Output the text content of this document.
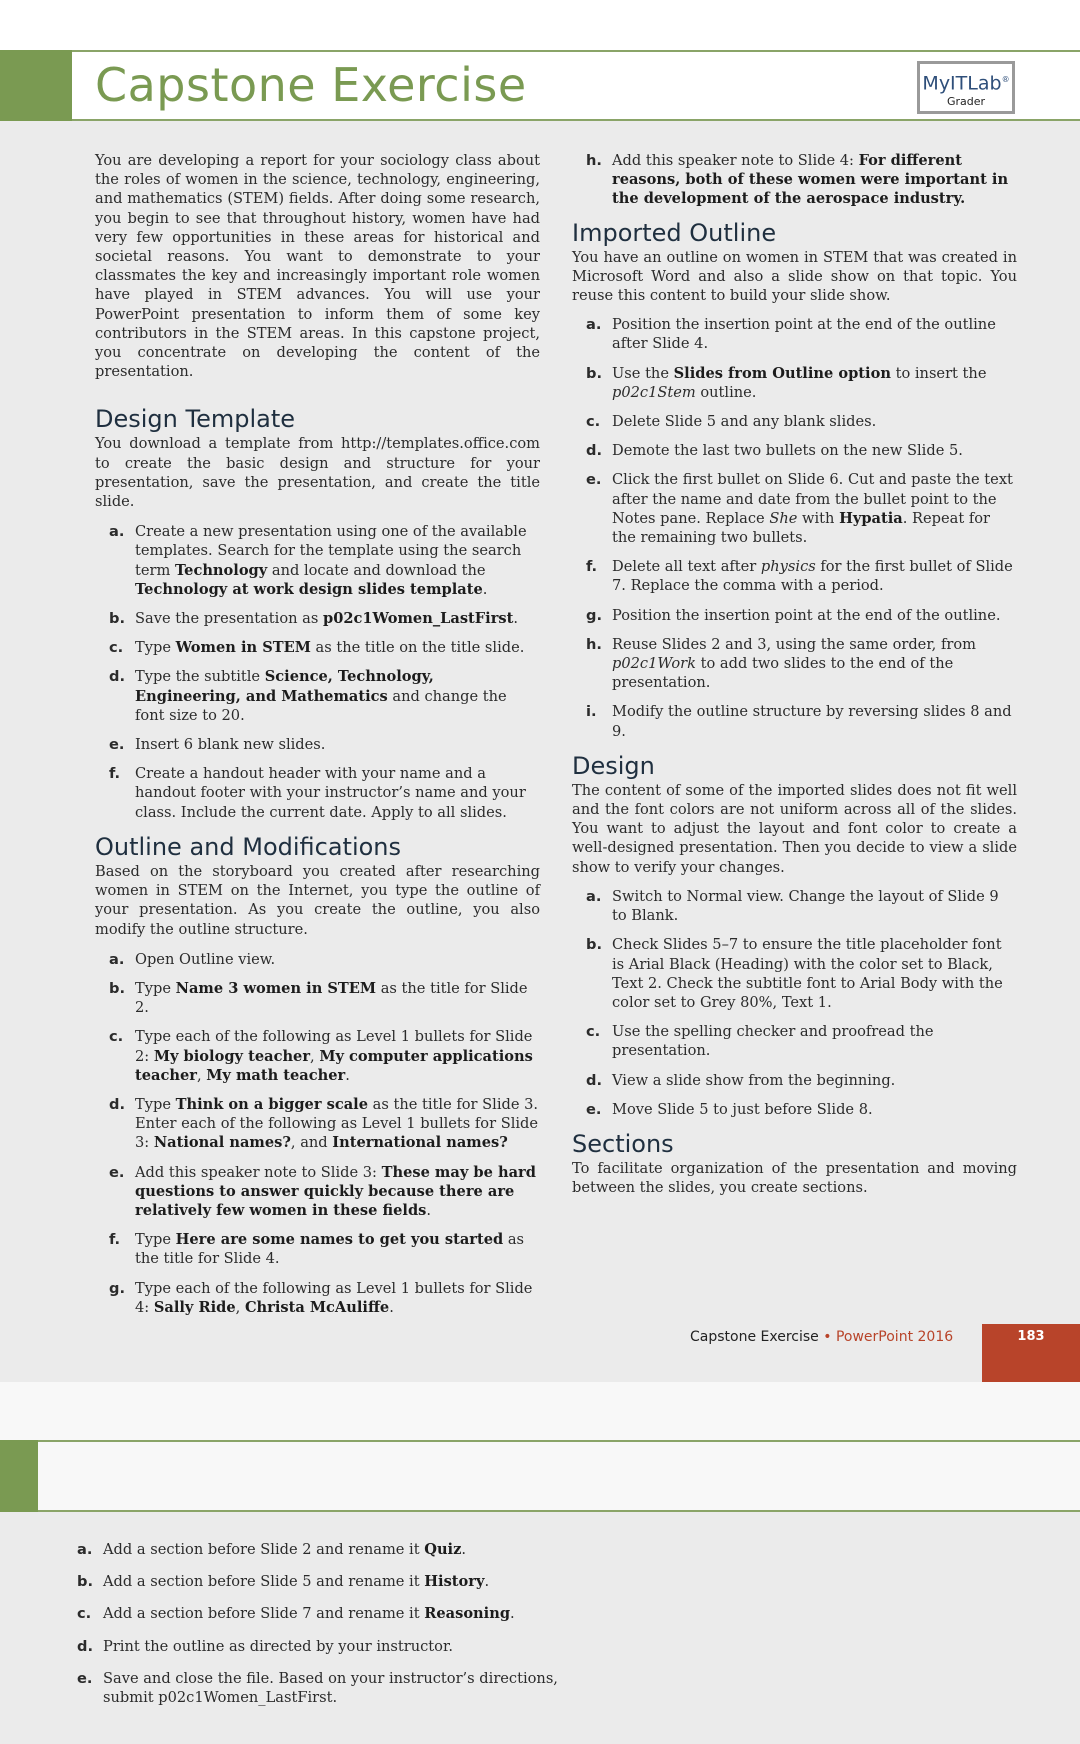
Capstone Exercise	MyITLab®
Grader

You are developing a report for your sociology class about the roles of women in the science, technology, engineering, and mathematics (STEM) fields. After doing some research, you begin to see that throughout history, women have had very few opportunities in these areas for historical and societal reasons. You want to demonstrate to your classmates the key and increasingly important role women have played in STEM advances. You will use your PowerPoint presentation to inform them of some key contributors in the STEM areas. In this capstone project, you concentrate on developing the content of the presentation.

Design Template

You download a template from http://templates.office.com to create the basic design and structure for your presentation, save the presentation, and create the title slide.

a. Create a new presentation using one of the available templates. Search for the template using the search term Technology and locate and download the Technology at work design slides template.
b. Save the presentation as p02c1Women_LastFirst.
c. Type Women in STEM as the title on the title slide.
d. Type the subtitle Science, Technology, Engineering, and Mathematics and change the font size to 20.
e. Insert 6 blank new slides.
f. Create a handout header with your name and a handout footer with your instructor’s name and your class. Include the current date. Apply to all slides.
Outline and Modifications

Based on the storyboard you created after researching women in STEM on the Internet, you type the outline of your presentation. As you create the outline, you also modify the outline structure.

a. Open Outline view.
b. Type Name 3 women in STEM as the title for Slide 2.
c. Type each of the following as Level 1 bullets for Slide 2: My biology teacher, My computer applications teacher, My math teacher.
d. Type Think on a bigger scale as the title for Slide 3. Enter each of the following as Level 1 bullets for Slide 3: National names?, and International names?
e. Add this speaker note to Slide 3: These may be hard questions to answer quickly because there are relatively few women in these fields.
f. Type Here are some names to get you started as the title for Slide 4.
g. Type each of the following as Level 1 bullets for Slide 4: Sally Ride, Christa McAuliffe.
h. Add this speaker note to Slide 4: For different reasons, both of these women were important in the development of the aerospace industry.
Imported Outline

You have an outline on women in STEM that was created in Microsoft Word and also a slide show on that topic. You reuse this content to build your slide show.

a. Position the insertion point at the end of the outline after Slide 4.
b. Use the Slides from Outline option to insert the p02c1Stem outline.
c. Delete Slide 5 and any blank slides.
d. Demote the last two bullets on the new Slide 5.
e. Click the first bullet on Slide 6. Cut and paste the text after the name and date from the bullet point to the Notes pane. Replace She with Hypatia. Repeat for the remaining two bullets.
f. Delete all text after physics for the first bullet of Slide 7. Replace the comma with a period.
g. Position the insertion point at the end of the outline.
h. Reuse Slides 2 and 3, using the same order, from p02c1Work to add two slides to the end of the presentation.
i. Modify the outline structure by reversing slides 8 and 9.
Design

The content of some of the imported slides does not fit well and the font colors are not uniform across all of the slides. You want to adjust the layout and font color to create a well-designed presentation. Then you decide to view a slide show to verify your changes.

a. Switch to Normal view. Change the layout of Slide 9 to Blank.
b. Check Slides 5–7 to ensure the title placeholder font is Arial Black (Heading) with the color set to Black, Text 2. Check the subtitle font to Arial Body with the color set to Grey 80%, Text 1.
c. Use the spelling checker and proofread the presentation.
d. View a slide show from the beginning.
e. Move Slide 5 to just before Slide 8.
Sections

To facilitate organization of the presentation and moving between the slides, you create sections.

Capstone Exercise • PowerPoint 2016	183
a. Add a section before Slide 2 and rename it Quiz.
b. Add a section before Slide 5 and rename it History.
c. Add a section before Slide 7 and rename it Reasoning.
d. Print the outline as directed by your instructor.
e. Save and close the file. Based on your instructor’s directions, submit p02c1Women_LastFirst.
